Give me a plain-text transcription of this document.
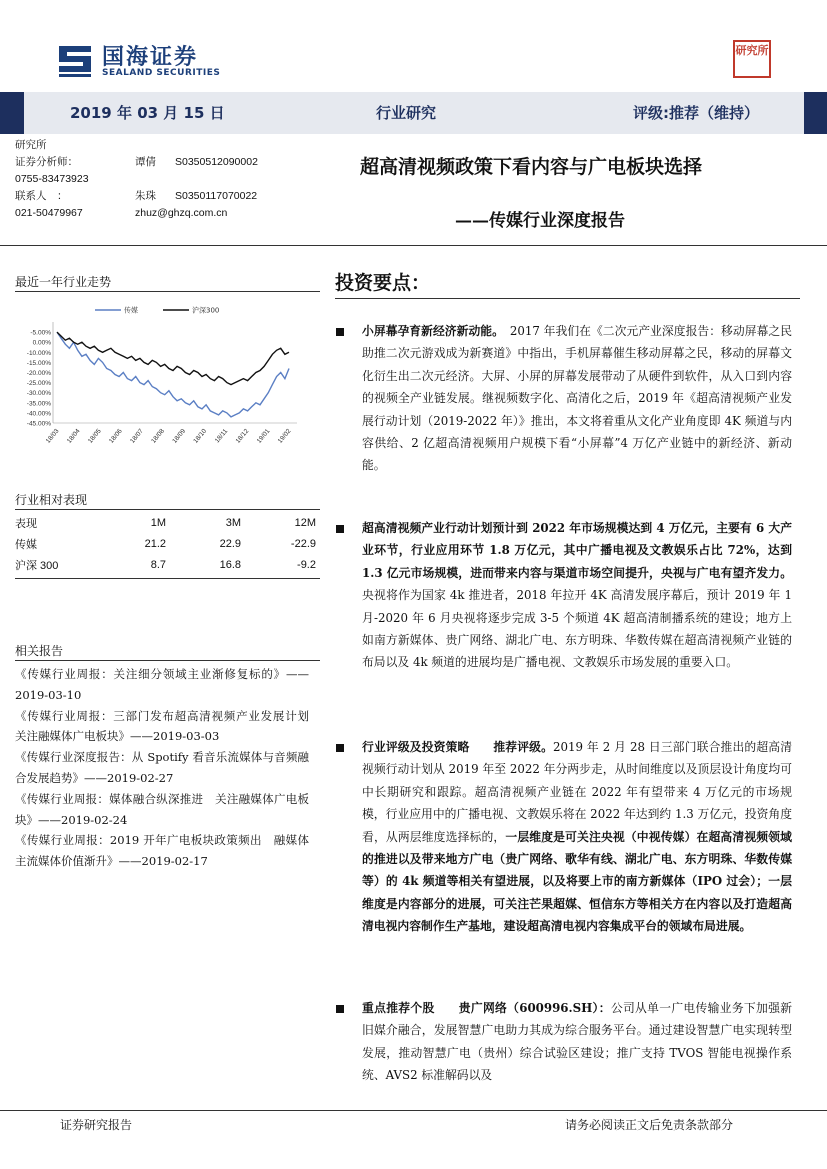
国海证券
SEALAND SECURITIES
研究所
2019 年 03 月 15 日	行业研究	评级:推荐（维持）
研究所
证券分析师：	谭倩 S0350512090002
0755-83473923
联系人　：	朱珠 S0350117070022
021-50479967	zhuz@ghzq.com.cn
超高清视频政策下看内容与广电板块选择
——传媒行业深度报告
最近一年行业走势
-5.00%
0.00%
-10.00%
-15.00%
-20.00%
-25.00%
-30.00%
-35.00%
-40.00%
-45.00%
18/03 18/04 18/05 18/06 18/07 18/08 18/09 18/10 18/11 18/12 19/01 19/02
传媒	沪深300
行业相对表现
表现	1M	3M	12M
传媒	21.2	22.9	-22.9
沪深 300	8.7	16.8	-9.2
相关报告

《传媒行业周报：关注细分领域主业渐修复标的》——2019-03-10

《传媒行业周报：三部门发布超高清视频产业发展计划　关注融媒体广电板块》——2019-03-03

《传媒行业深度报告：从 Spotify 看音乐流媒体与音频融合发展趋势》——2019-02-27

《传媒行业周报：媒体融合纵深推进　关注融媒体广电板块》——2019-02-24

《传媒行业周报：2019 开年广电板块政策频出　融媒体主流媒体价值渐升》——2019-02-17

投资要点：
小屏幕孕育新经济新动能。　2017 年我们在《二次元产业深度报告：移动屏幕之民助推二次元游戏成为新赛道》中指出，手机屏幕催生移动屏幕之民，移动的屏幕文化衍生出二次元经济。大屏、小屏的屏幕发展带动了从硬件到软件，从入口到内容的视频全产业链发展。继视频数字化、高清化之后，2019 年《超高清视频产业发展行动计划（2019-2022 年）》推出，本文将着重从文化产业角度即 4K 频道与内容供给、2 亿超高清视频用户规模下看“小屏幕”4 万亿产业链中的新经济、新动能。
超高清视频产业行动计划预计到 2022 年市场规模达到 4 万亿元，主要有 6 大产业环节，行业应用环节 1.8 万亿元，其中广播电视及文教娱乐占比 72%，达到 1.3 亿元市场规模，进而带来内容与渠道市场空间提升，央视与广电有望齐发力。央视将作为国家 4k 推进者，2018 年拉开 4K 高清发展序幕后，预计 2019 年 1 月-2020 年 6 月央视将逐步完成 3-5 个频道 4K 超高清制播系统的建设；地方上如南方新媒体、贵广网络、湖北广电、东方明珠、华数传媒在超高清视频产业链的布局以及 4k 频道的进展均是广播电视、文教娱乐市场发展的重要入口。
行业评级及投资策略　　推荐评级。2019 年 2 月 28 日三部门联合推出的超高清视频行动计划从 2019 年至 2022 年分两步走，从时间维度以及顶层设计角度均可中长期研究和跟踪。超高清视频产业链在 2022 年有望带来 4 万亿元的市场规模，行业应用中的广播电视、文教娱乐将在 2022 年达到约 1.3 万亿元，投资角度看，从两层维度选择标的，一层维度是可关注央视（中视传媒）在超高清视频领域的推进以及带来地方广电（贵广网络、歌华有线、湖北广电、东方明珠、华数传媒等）的 4k 频道等相关有望进展，以及将要上市的南方新媒体（IPO 过会）；一层维度是内容部分的进展，可关注芒果超媒、恒信东方等相关方在内容以及打造超高清电视内容制作生产基地，建设超高清电视内容集成平台的领域布局进展。
重点推荐个股　　贵广网络（600996.SH）：公司从单一广电传输业务下加强新旧媒介融合，发展智慧广电助力其成为综合服务平台。通过建设智慧广电实现转型发展，推动智慧广电（贵州）综合试验区建设；推广支持 TVOS 智能电视操作系统、AVS2 标准解码以及
证券研究报告	请务必阅读正文后免责条款部分
